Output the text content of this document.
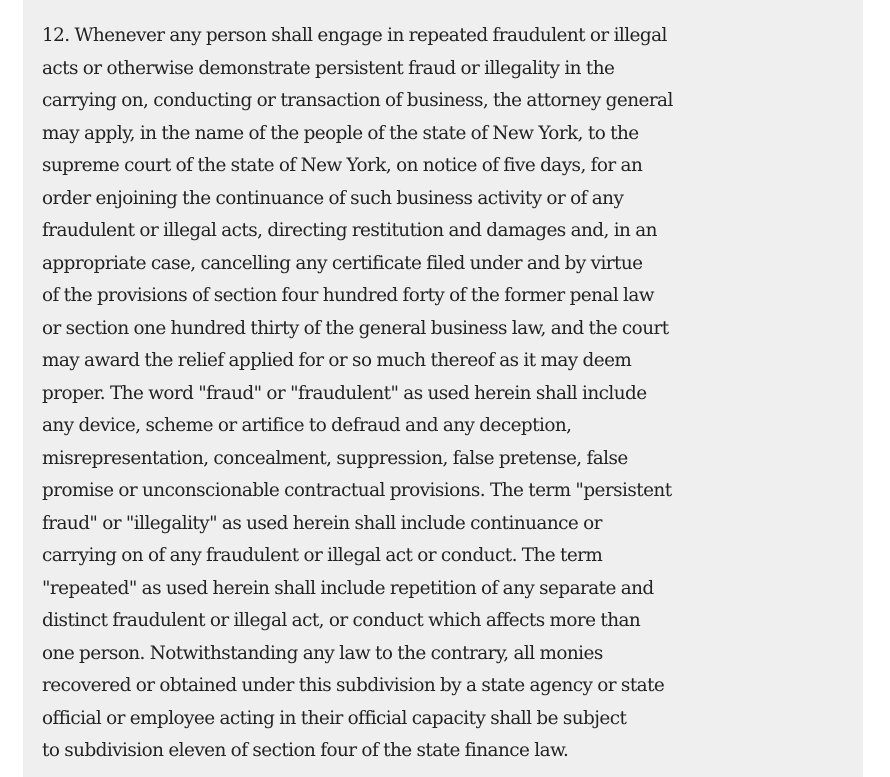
12. Whenever any person shall engage in repeated fraudulent or illegal
acts or otherwise demonstrate persistent fraud or illegality in the
carrying on, conducting or transaction of business, the attorney general
may apply, in the name of the people of the state of New York, to the
supreme court of the state of New York, on notice of five days, for an
order enjoining the continuance of such business activity or of any
fraudulent or illegal acts, directing restitution and damages and, in an
appropriate case, cancelling any certificate filed under and by virtue
of the provisions of section four hundred forty of the former penal law
or section one hundred thirty of the general business law, and the court
may award the relief applied for or so much thereof as it may deem
proper. The word "fraud" or "fraudulent" as used herein shall include
any device, scheme or artifice to defraud and any deception,
misrepresentation, concealment, suppression, false pretense, false
promise or unconscionable contractual provisions. The term "persistent
fraud" or "illegality" as used herein shall include continuance or
carrying on of any fraudulent or illegal act or conduct. The term
"repeated" as used herein shall include repetition of any separate and
distinct fraudulent or illegal act, or conduct which affects more than
one person. Notwithstanding any law to the contrary, all monies
recovered or obtained under this subdivision by a state agency or state
official or employee acting in their official capacity shall be subject
to subdivision eleven of section four of the state finance law.
